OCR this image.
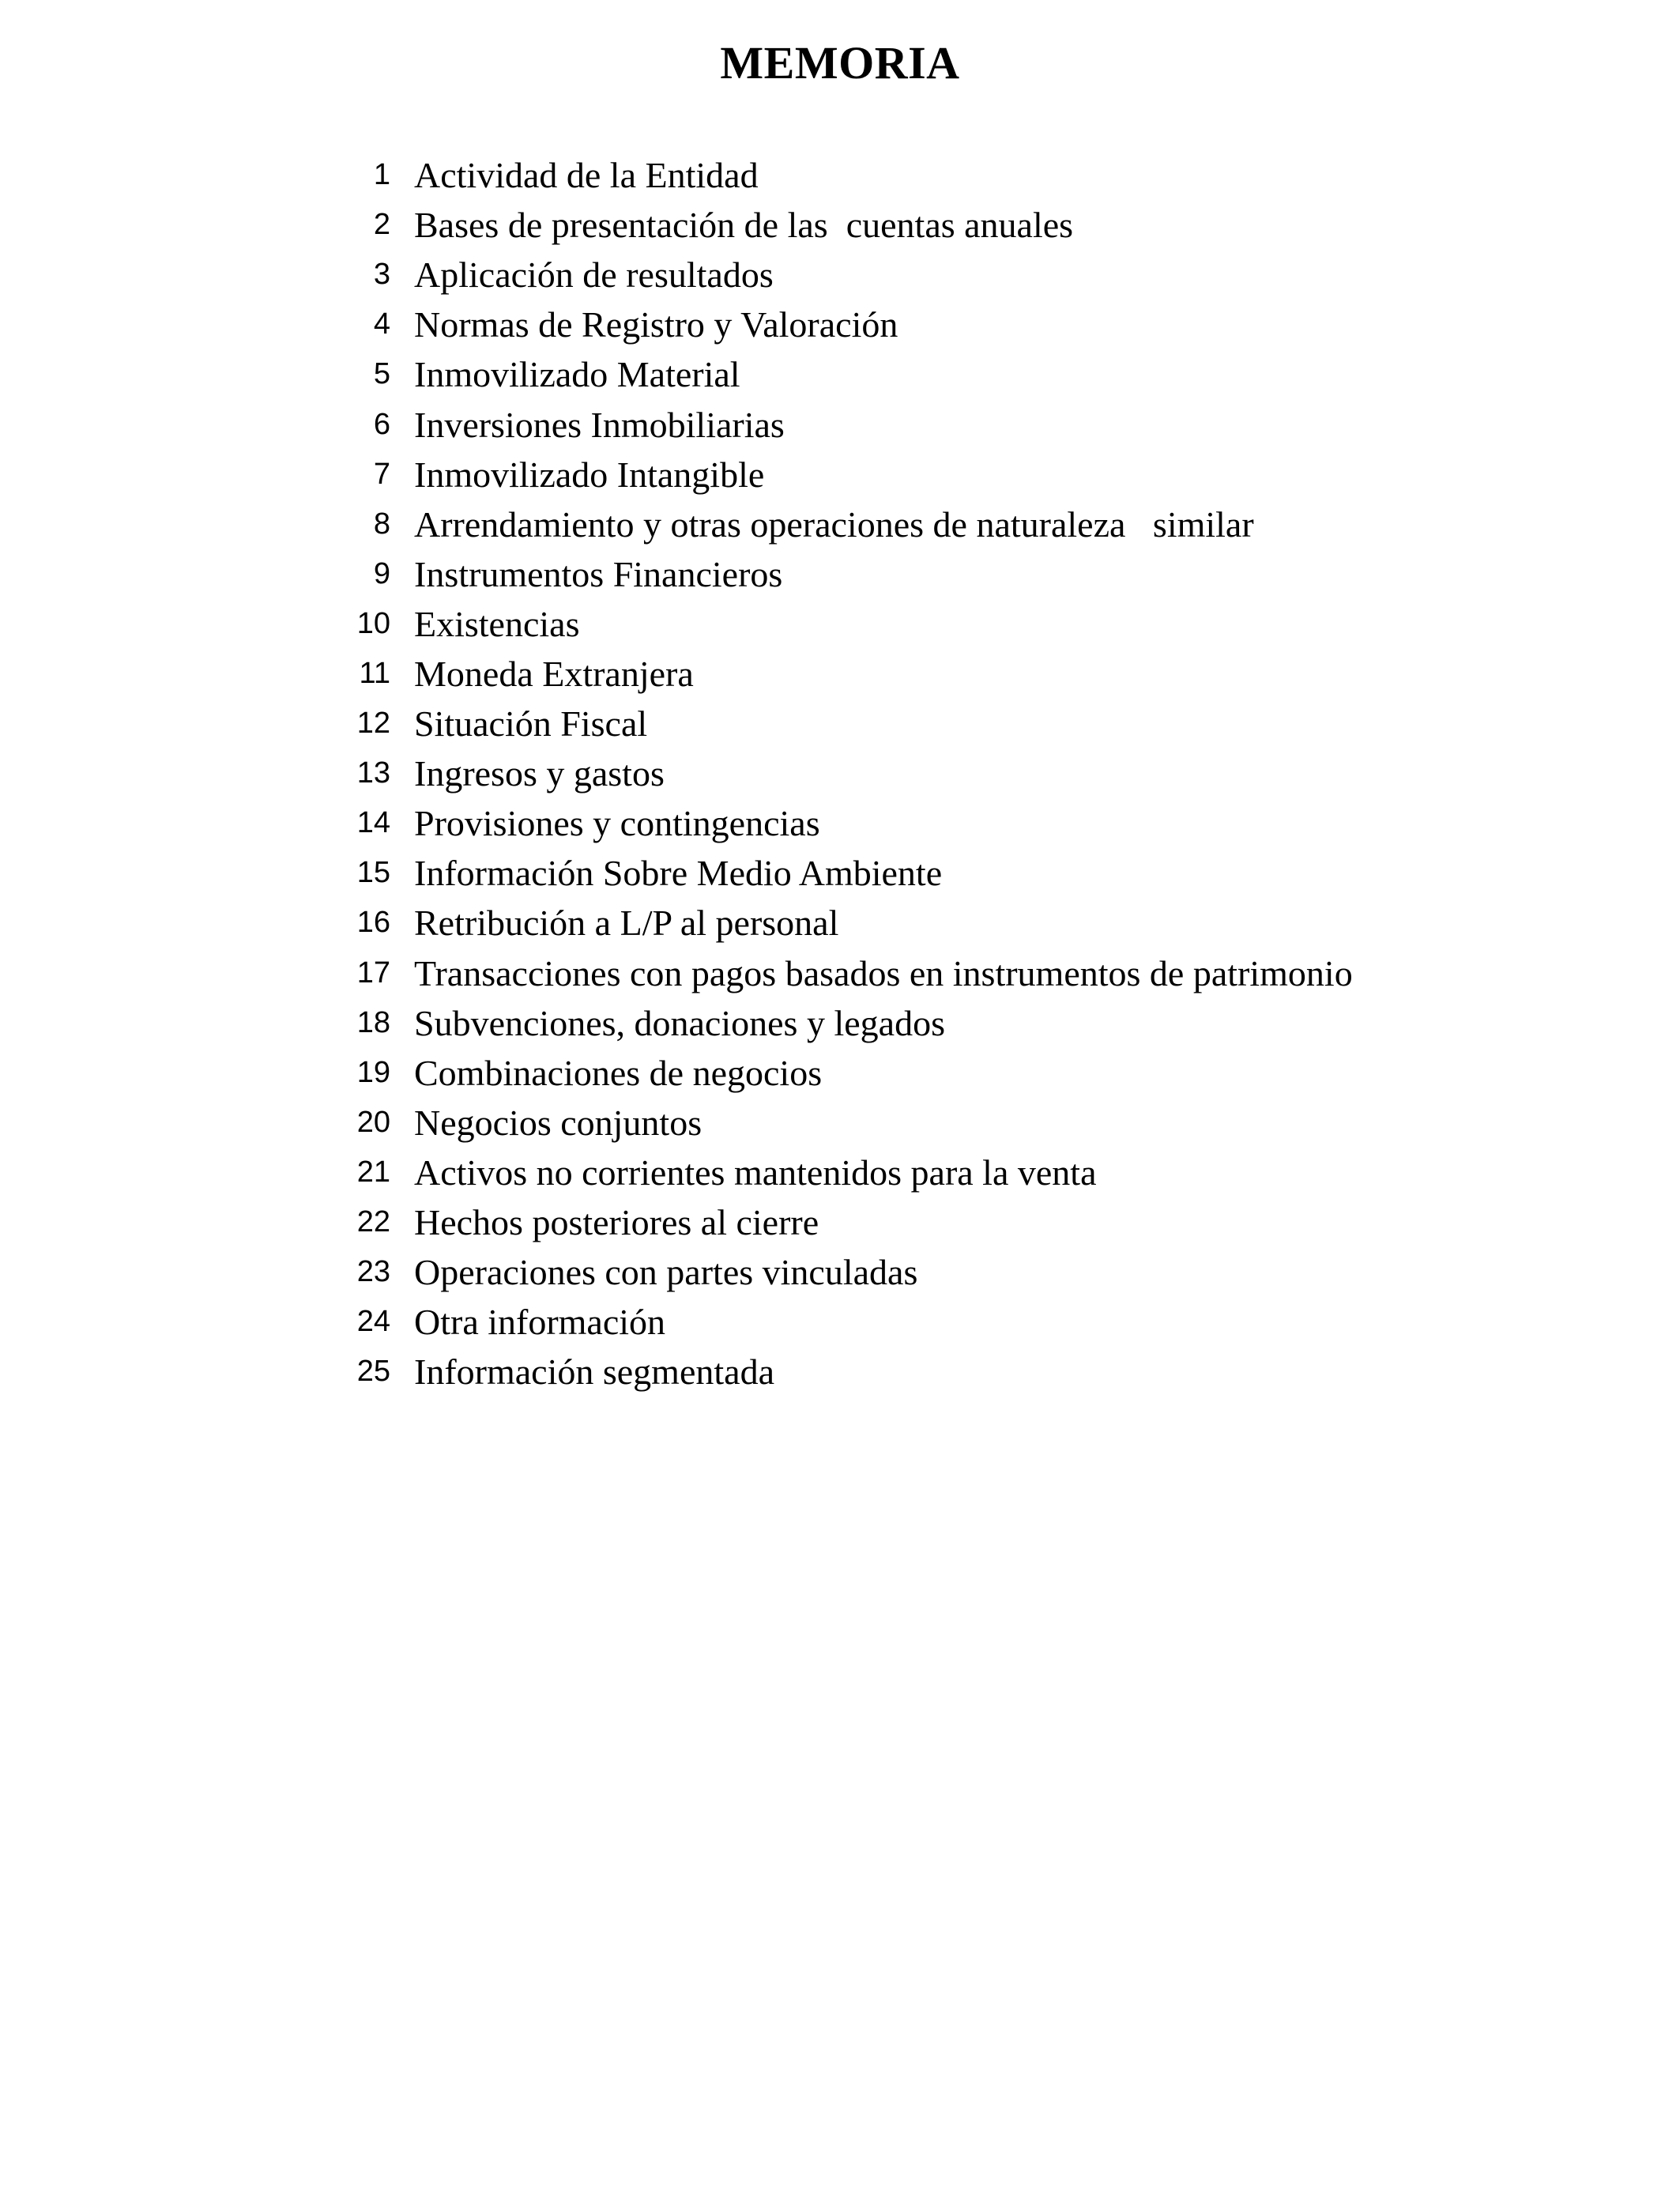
MEMORIA
1 Actividad de la Entidad
2 Bases de presentación de las  cuentas anuales
3 Aplicación de resultados
4 Normas de Registro y Valoración
5 Inmovilizado Material
6 Inversiones Inmobiliarias
7 Inmovilizado Intangible
8 Arrendamiento y otras operaciones de naturaleza   similar
9 Instrumentos Financieros
10 Existencias
11 Moneda Extranjera
12 Situación Fiscal
13 Ingresos y gastos
14 Provisiones y contingencias
15 Información Sobre Medio Ambiente
16 Retribución a L/P al personal
17 Transacciones con pagos basados en instrumentos de patrimonio
18 Subvenciones, donaciones y legados
19 Combinaciones de negocios
20 Negocios conjuntos
21 Activos no corrientes mantenidos para la venta
22 Hechos posteriores al cierre
23 Operaciones con partes vinculadas
24 Otra información
25 Información segmentada
